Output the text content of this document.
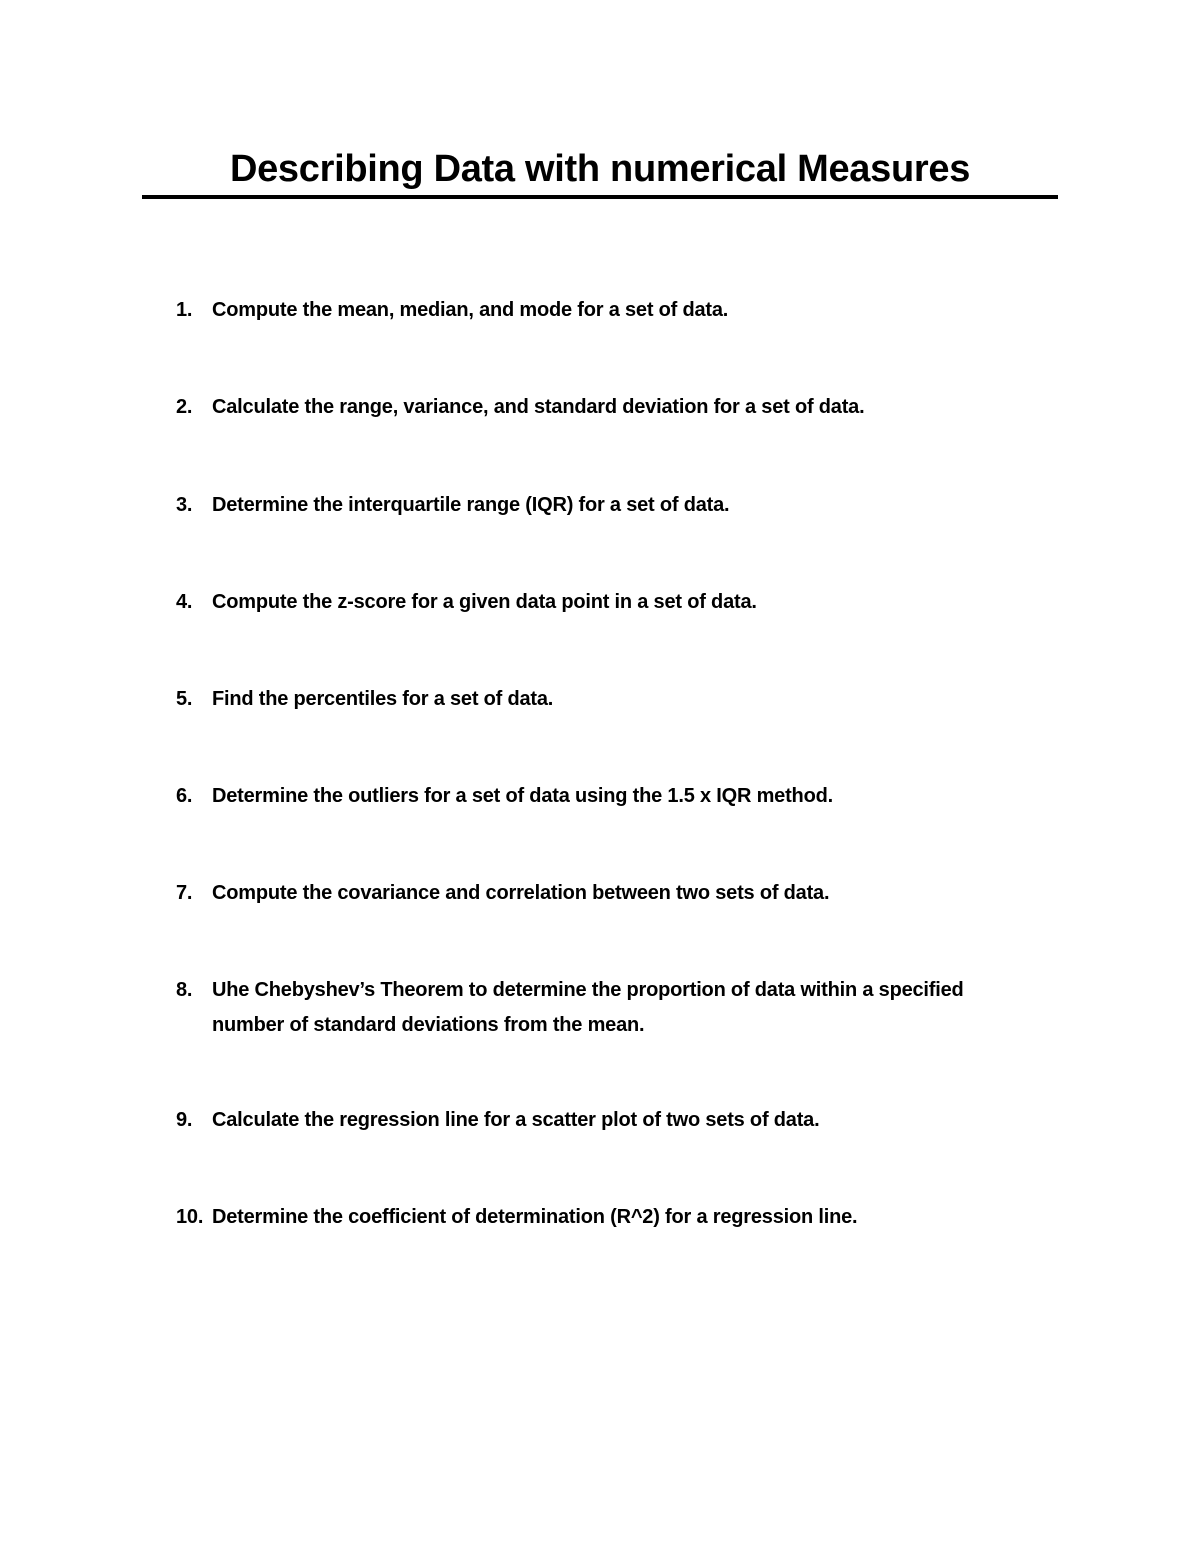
Describing Data with numerical Measures
1. Compute the mean, median, and mode for a set of data.
2. Calculate the range, variance, and standard deviation for a set of data.
3. Determine the interquartile range (IQR) for a set of data.
4. Compute the z-score for a given data point in a set of data.
5. Find the percentiles for a set of data.
6. Determine the outliers for a set of data using the 1.5 x IQR method.
7. Compute the covariance and correlation between two sets of data.
8. Uhe Chebyshev’s Theorem to determine the proportion of data within a specified number of standard deviations from the mean.
9. Calculate the regression line for a scatter plot of two sets of data.
10. Determine the coefficient of determination (R^2) for a regression line.
